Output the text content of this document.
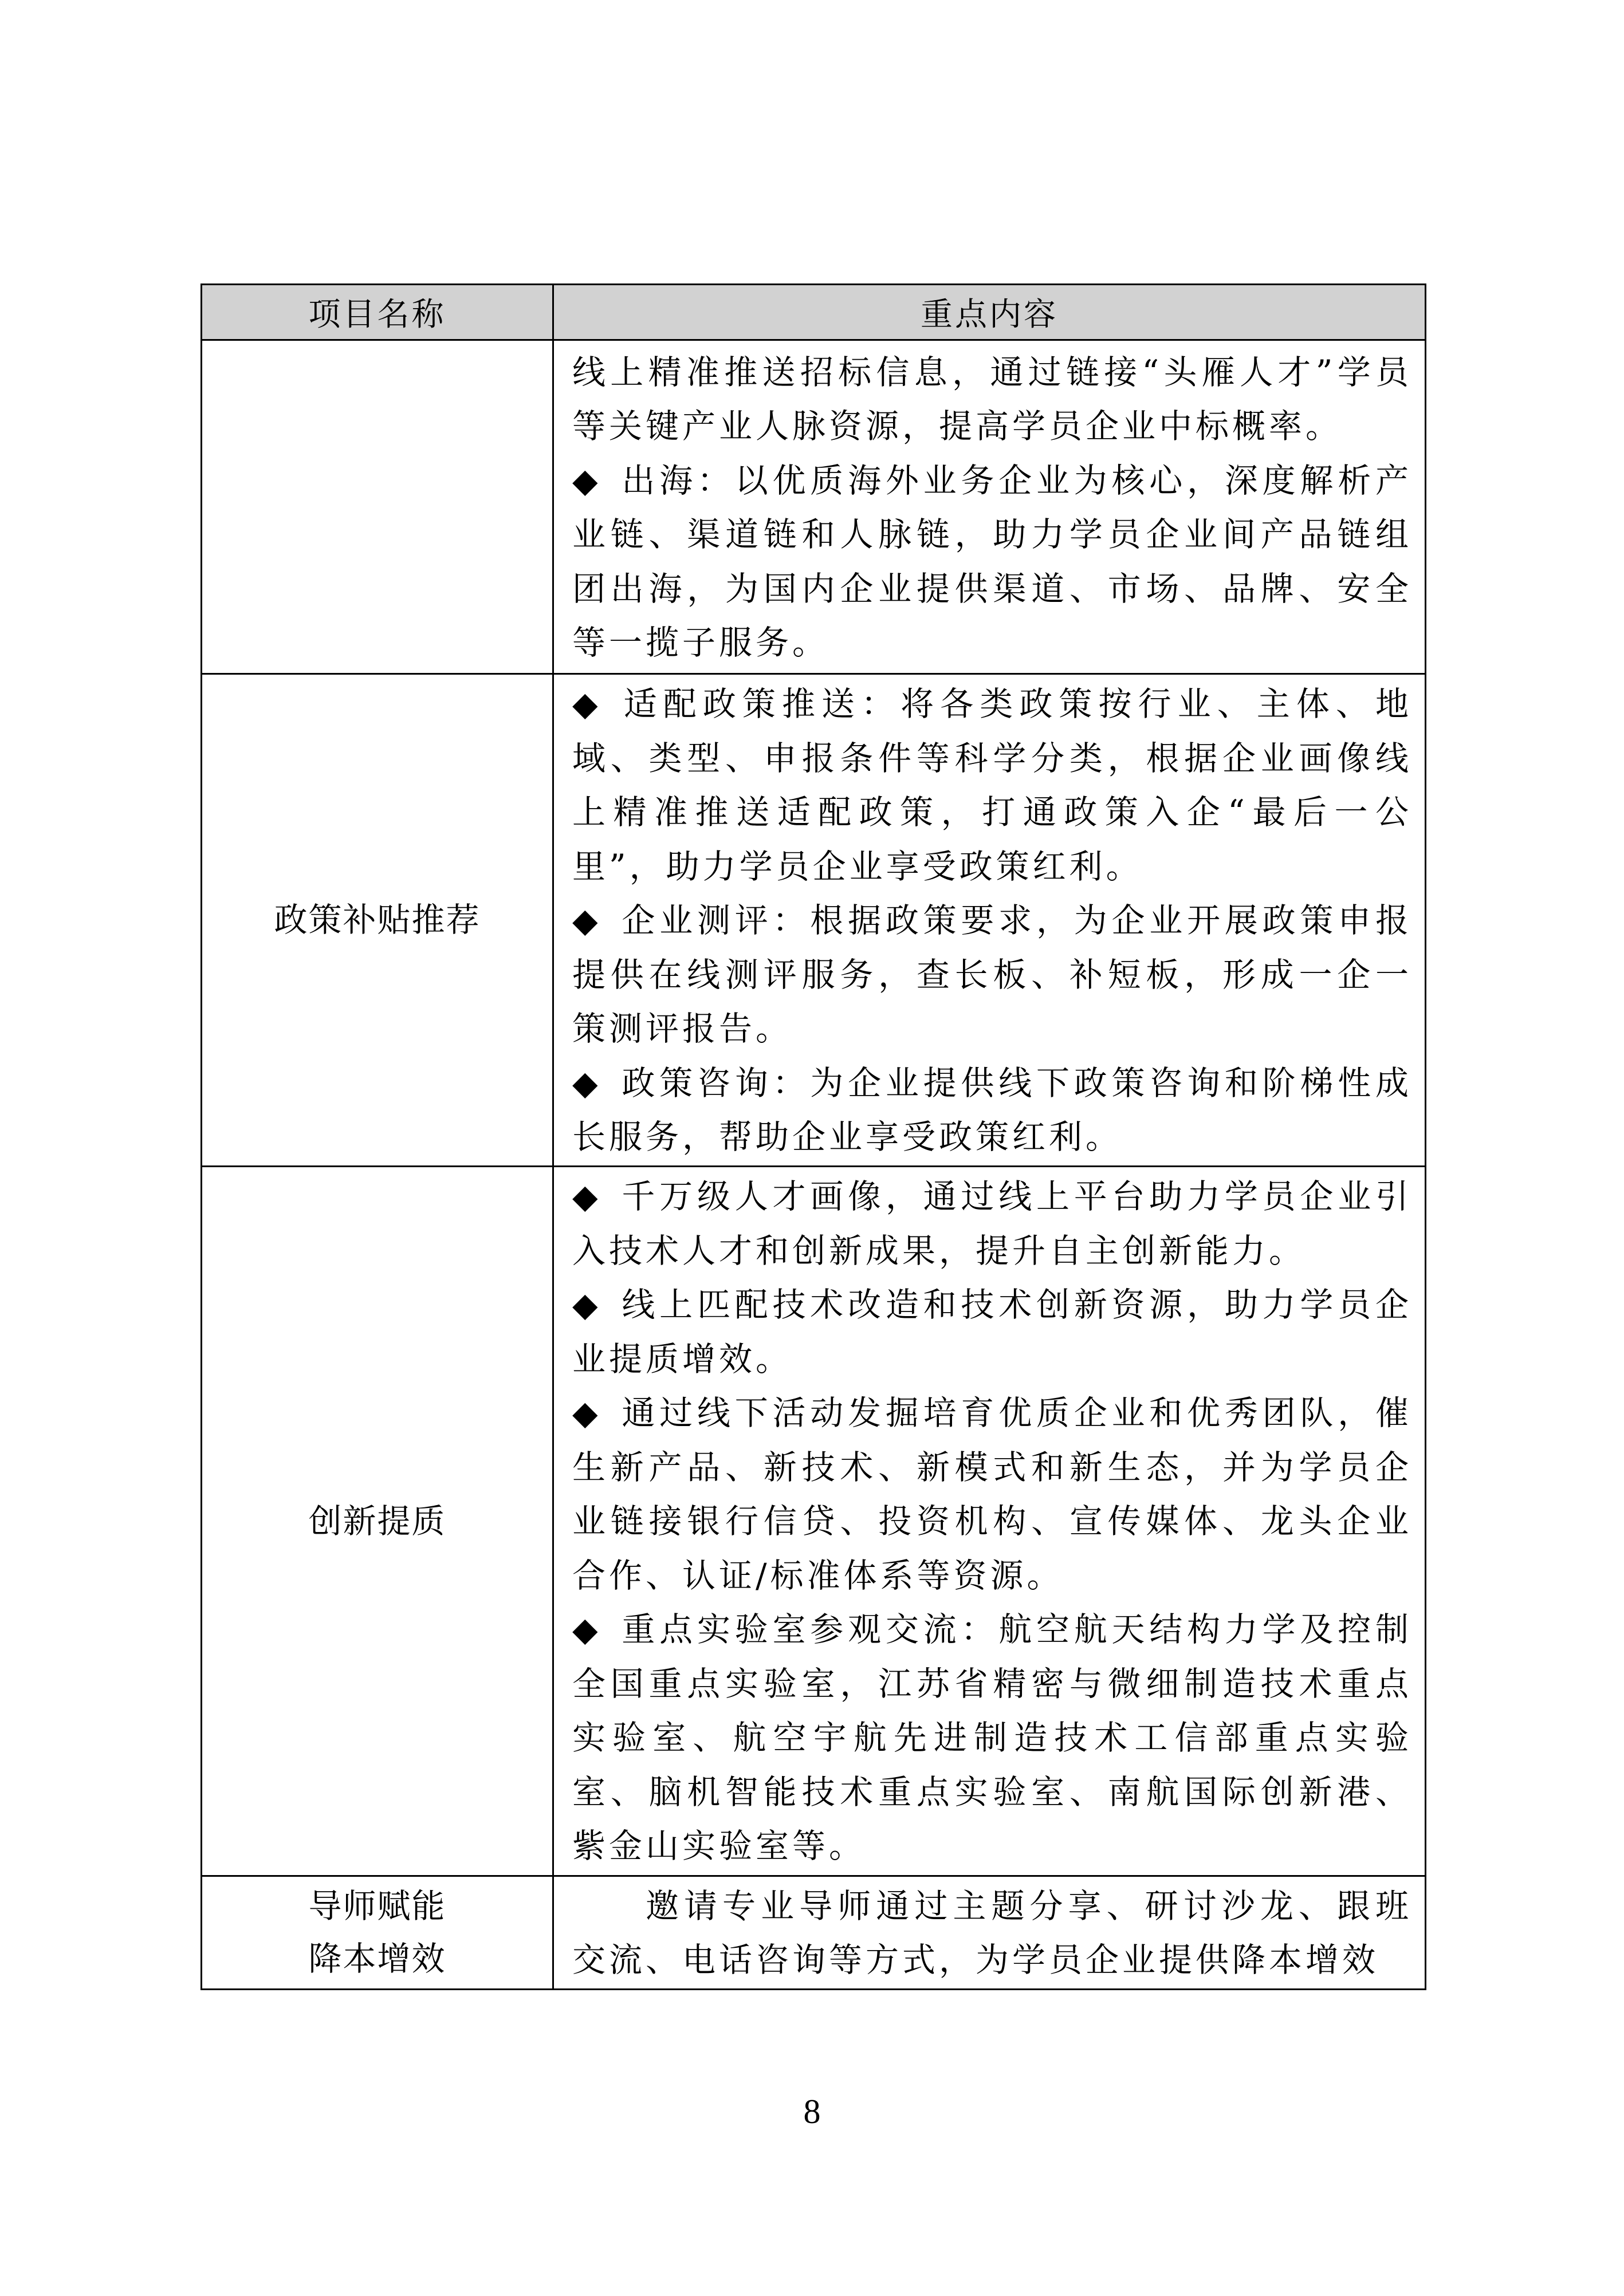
项目名称	重点内容

	线上精准推送招标信息，通过链接“头雁人才”学员等关键产业人脉资源，提高学员企业中标概率。

◆ 出海：以优质海外业务企业为核心，深度解析产业链、渠道链和人脉链，助力学员企业间产品链组团出海，为国内企业提供渠道、市场、品牌、安全等一揽子服务。

政策补贴推荐	◆ 适配政策推送：将各类政策按行业、主体、地域、类型、申报条件等科学分类，根据企业画像线上精准推送适配政策，打通政策入企“最后一公里”，助力学员企业享受政策红利。

◆ 企业测评：根据政策要求，为企业开展政策申报提供在线测评服务，查长板、补短板，形成一企一策测评报告。

◆ 政策咨询：为企业提供线下政策咨询和阶梯性成长服务，帮助企业享受政策红利。

创新提质	◆ 千万级人才画像，通过线上平台助力学员企业引入技术人才和创新成果，提升自主创新能力。

◆ 线上匹配技术改造和技术创新资源，助力学员企业提质增效。

◆ 通过线下活动发掘培育优质企业和优秀团队，催生新产品、新技术、新模式和新生态，并为学员企业链接银行信贷、投资机构、宣传媒体、龙头企业合作、认证/标准体系等资源。

◆ 重点实验室参观交流：航空航天结构力学及控制全国重点实验室，江苏省精密与微细制造技术重点实验室、航空宇航先进制造技术工信部重点实验室、脑机智能技术重点实验室、南航国际创新港、紫金山实验室等。

导师赋能
降本增效	邀请专业导师通过主题分享、研讨沙龙、跟班交流、电话咨询等方式，为学员企业提供降本增效

8
